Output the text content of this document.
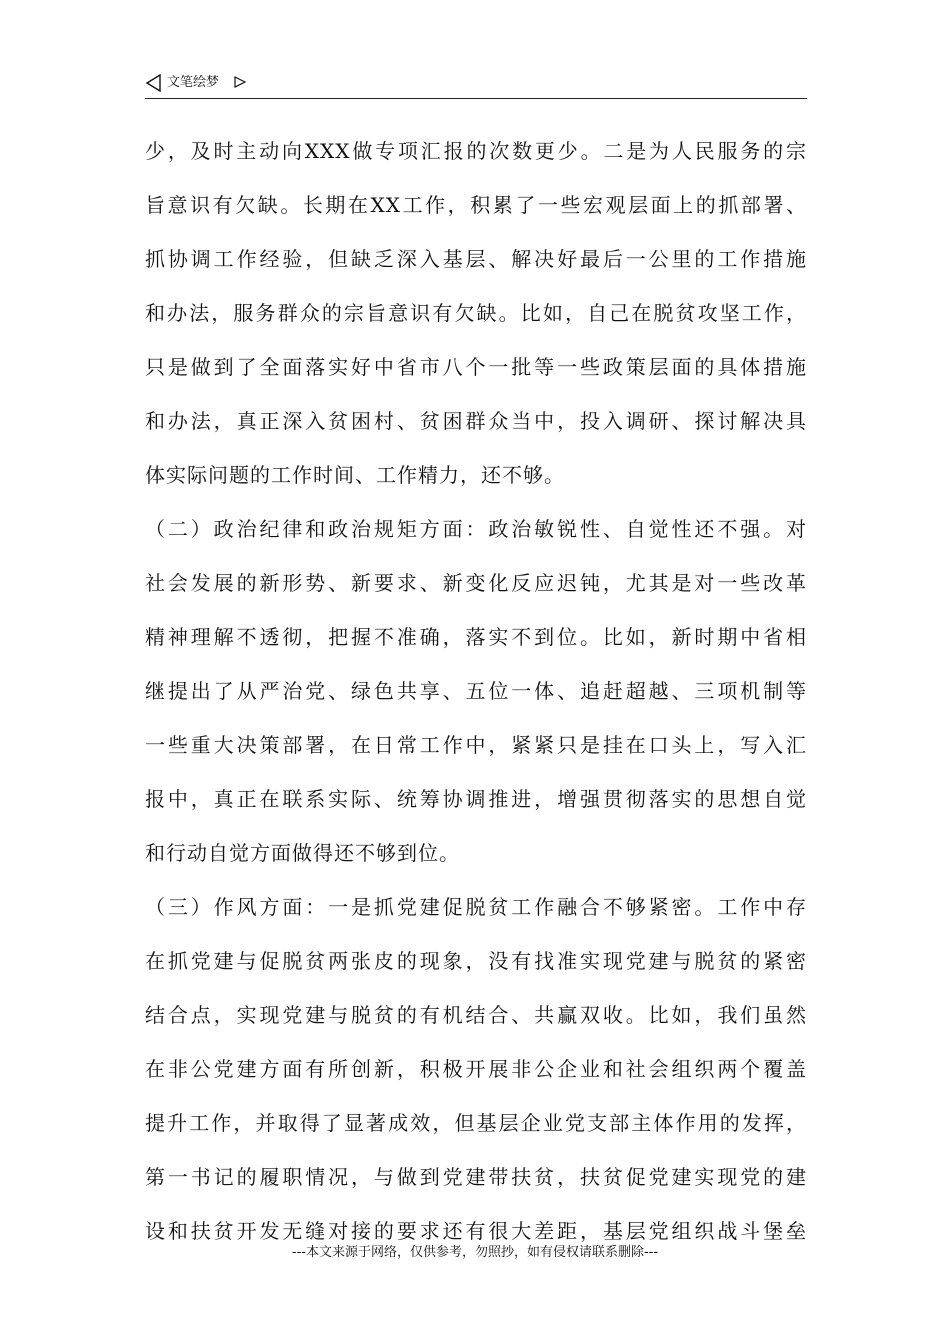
文笔绘梦
少，及时主动向XXX做专项汇报的次数更少。二是为人民服务的宗
旨意识有欠缺。长期在XX工作，积累了一些宏观层面上的抓部署、
抓协调工作经验，但缺乏深入基层、解决好最后一公里的工作措施
和办法，服务群众的宗旨意识有欠缺。比如，自己在脱贫攻坚工作，
只是做到了全面落实好中省市八个一批等一些政策层面的具体措施
和办法，真正深入贫困村、贫困群众当中，投入调研、探讨解决具
体实际问题的工作时间、工作精力，还不够。
（二）政治纪律和政治规矩方面：政治敏锐性、自觉性还不强。对
社会发展的新形势、新要求、新变化反应迟钝，尤其是对一些改革
精神理解不透彻，把握不准确，落实不到位。比如，新时期中省相
继提出了从严治党、绿色共享、五位一体、追赶超越、三项机制等
一些重大决策部署，在日常工作中，紧紧只是挂在口头上，写入汇
报中，真正在联系实际、统筹协调推进，增强贯彻落实的思想自觉
和行动自觉方面做得还不够到位。
（三）作风方面：一是抓党建促脱贫工作融合不够紧密。工作中存
在抓党建与促脱贫两张皮的现象，没有找准实现党建与脱贫的紧密
结合点，实现党建与脱贫的有机结合、共赢双收。比如，我们虽然
在非公党建方面有所创新，积极开展非公企业和社会组织两个覆盖
提升工作，并取得了显著成效，但基层企业党支部主体作用的发挥，
第一书记的履职情况，与做到党建带扶贫，扶贫促党建实现党的建
设和扶贫开发无缝对接的要求还有很大差距，基层党组织战斗堡垒
---本文来源于网络，仅供参考，勿照抄，如有侵权请联系删除---
